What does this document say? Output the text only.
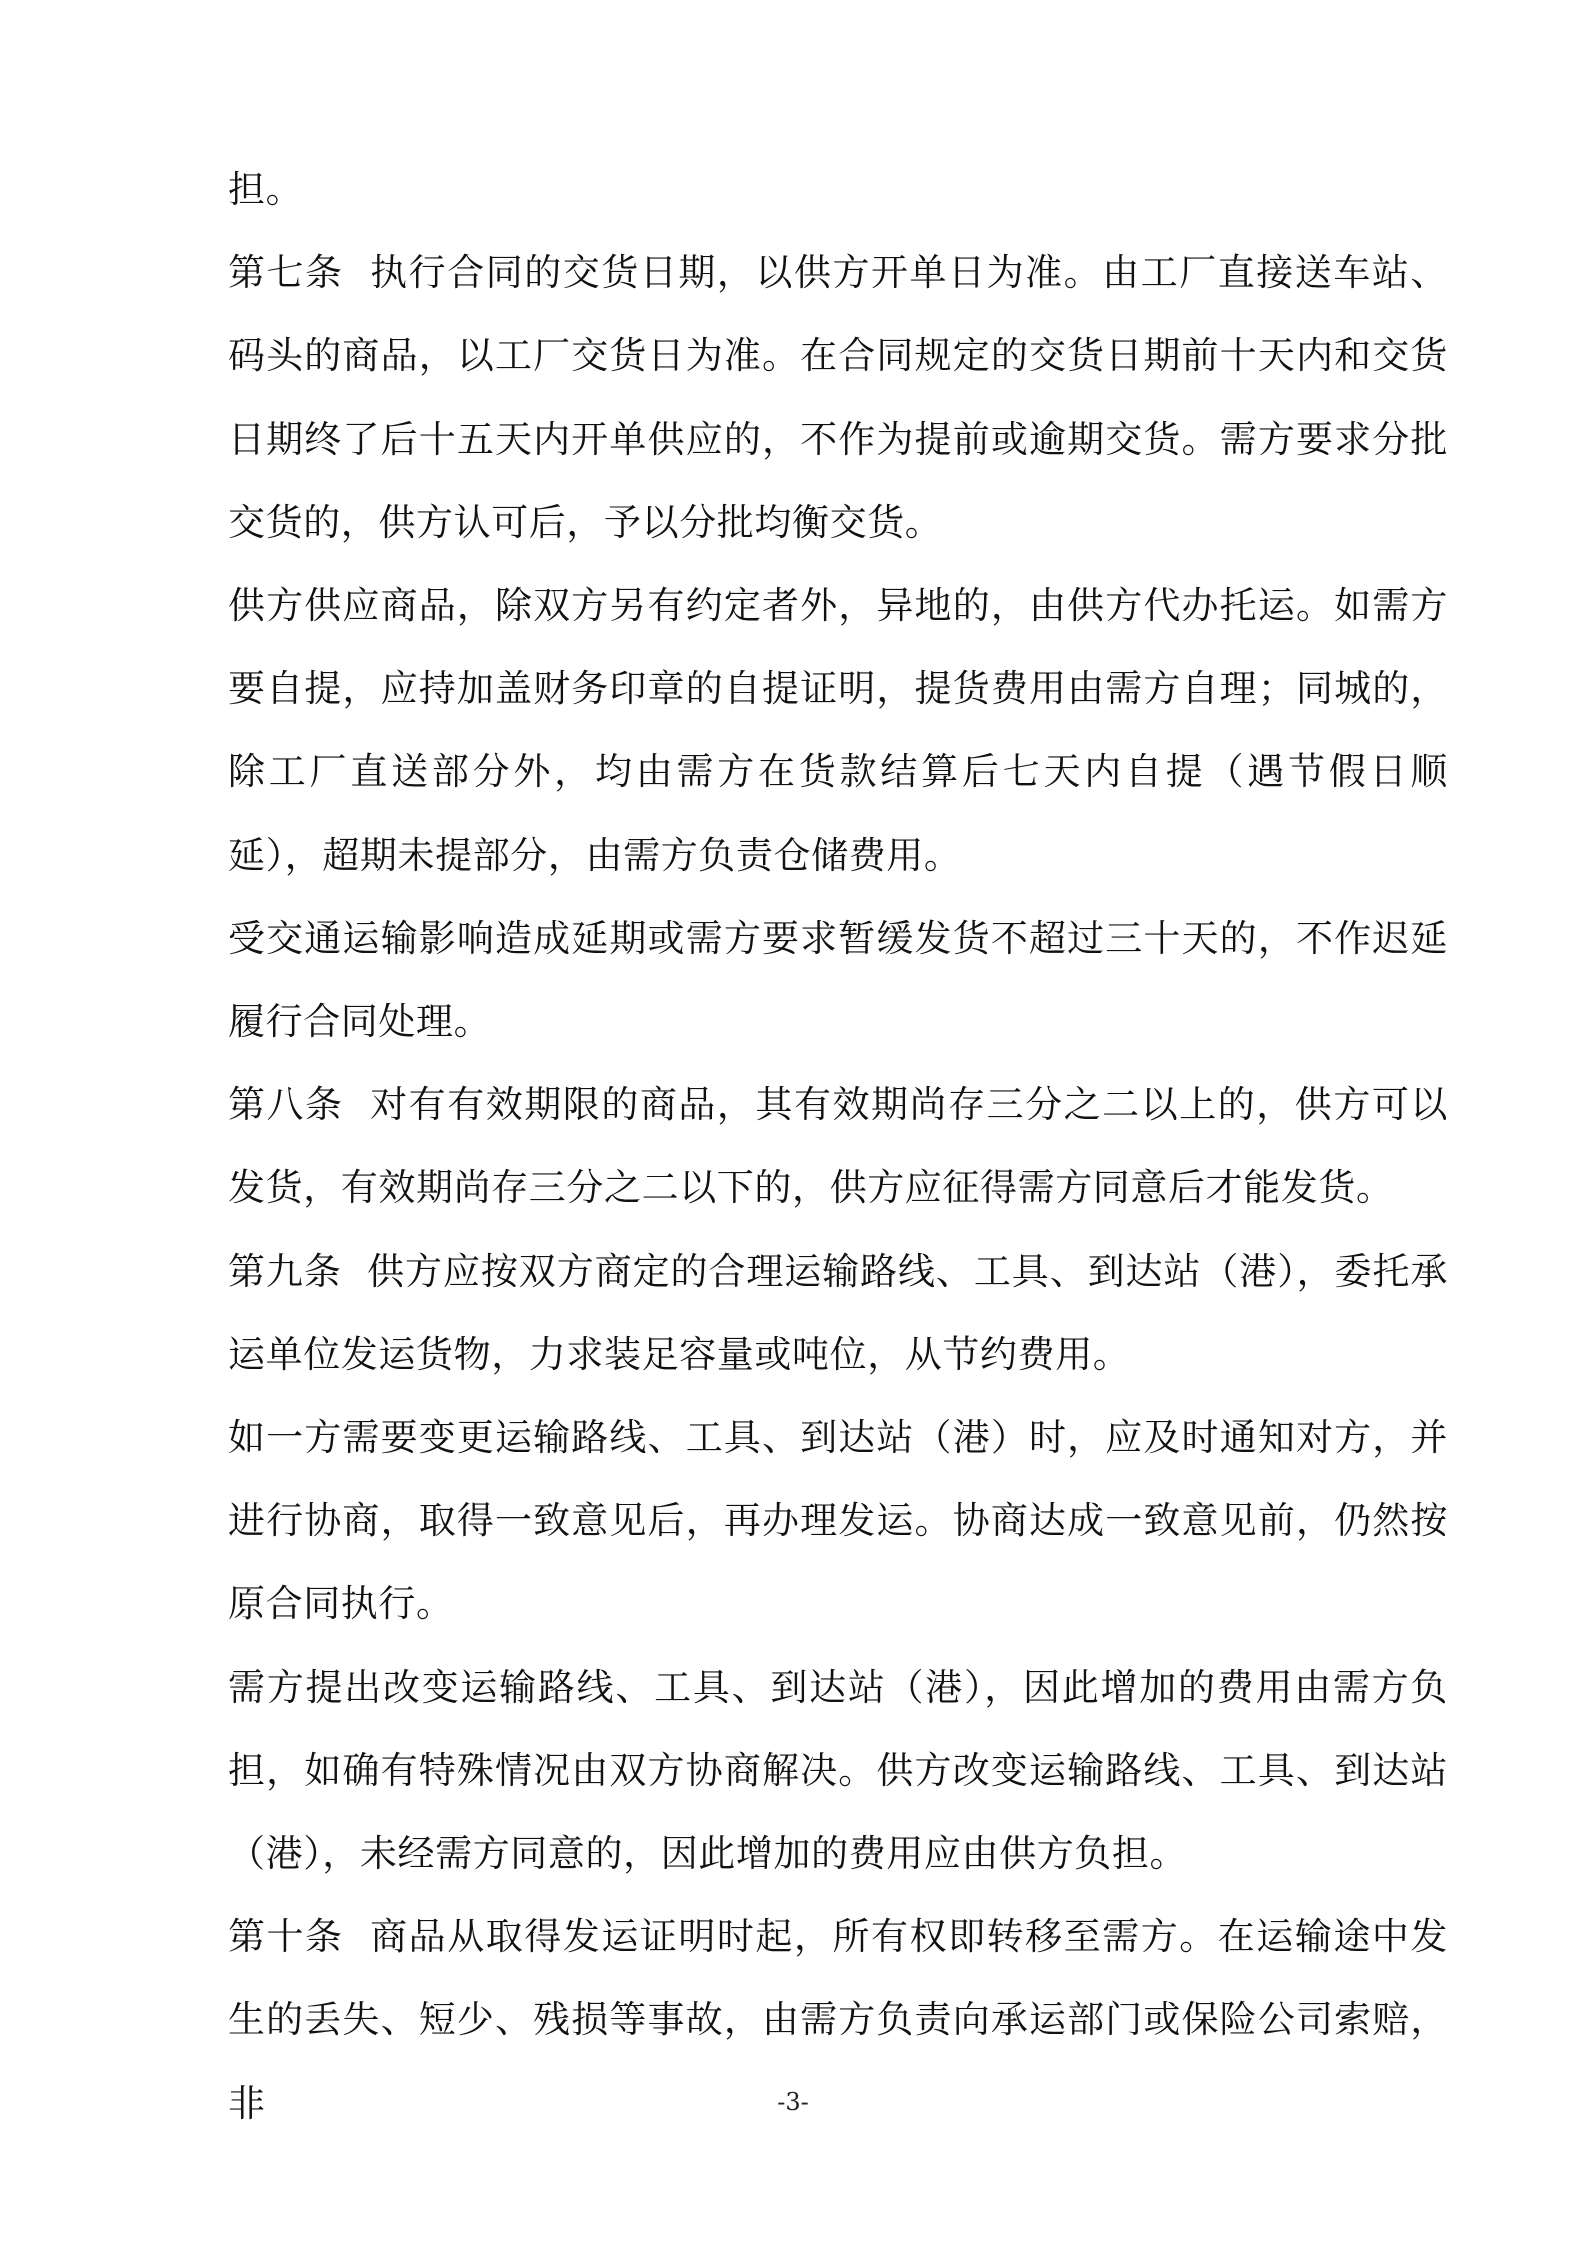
担。

第七条  执行合同的交货日期，以供方开单日为准。由工厂直接送车站、码头的商品，以工厂交货日为准。在合同规定的交货日期前十天内和交货日期终了后十五天内开单供应的，不作为提前或逾期交货。需方要求分批交货的，供方认可后，予以分批均衡交货。

供方供应商品，除双方另有约定者外，异地的，由供方代办托运。如需方要自提，应持加盖财务印章的自提证明，提货费用由需方自理；同城的，除工厂直送部分外，均由需方在货款结算后七天内自提（遇节假日顺延），超期未提部分，由需方负责仓储费用。

受交通运输影响造成延期或需方要求暂缓发货不超过三十天的，不作迟延履行合同处理。

第八条  对有有效期限的商品，其有效期尚存三分之二以上的，供方可以发货，有效期尚存三分之二以下的，供方应征得需方同意后才能发货。

第九条  供方应按双方商定的合理运输路线、工具、到达站（港），委托承运单位发运货物，力求装足容量或吨位，从节约费用。

如一方需要变更运输路线、工具、到达站（港）时，应及时通知对方，并进行协商，取得一致意见后，再办理发运。协商达成一致意见前，仍然按原合同执行。

需方提出改变运输路线、工具、到达站（港），因此增加的费用由需方负担，如确有特殊情况由双方协商解决。供方改变运输路线、工具、到达站（港），未经需方同意的，因此增加的费用应由供方负担。

第十条  商品从取得发运证明时起，所有权即转移至需方。在运输途中发生的丢失、短少、残损等事故，由需方负责向承运部门或保险公司索赔，非	-3-
